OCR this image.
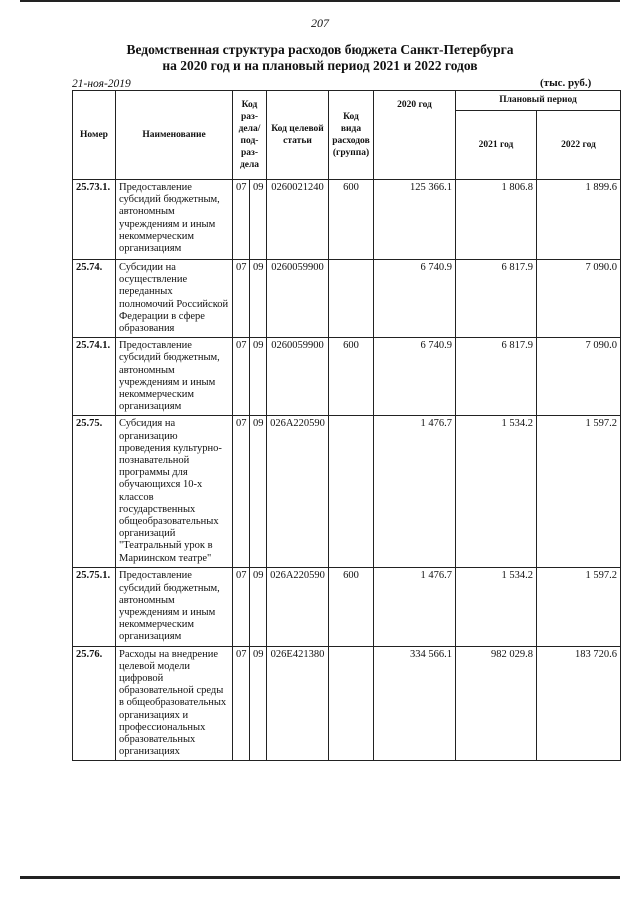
207
Ведомственная структура расходов бюджета Санкт-Петербурга
на 2020 год и на плановый период 2021 и 2022 годов
21-ноя-2019	(тыс. руб.)
Номер	Наименование	Код раз- дела/ под- раз- дела		Код целевой статьи	Код вида расходов (группа)	2020 год	Плановый период	
							2021 год	2022 год

25.73.1.	Предоставление субсидий бюджетным, автономным учреждениям и иным некоммерческим организациям	07	09	0260021240	600	125 366.1	1 806.8	1 899.6
25.74.	Субсидии на осуществление переданных полномочий Российской Федерации в сфере образования	07	09	0260059900		6 740.9	6 817.9	7 090.0
25.74.1.	Предоставление субсидий бюджетным, автономным учреждениям и иным некоммерческим организациям	07	09	0260059900	600	6 740.9	6 817.9	7 090.0
25.75.	Субсидия на организацию проведения культурно-познавательной программы для обучающихся 10-х классов государственных общеобразовательных организаций "Театральный урок в Мариинском театре"	07	09	026A220590		1 476.7	1 534.2	1 597.2
25.75.1.	Предоставление субсидий бюджетным, автономным учреждениям и иным некоммерческим организациям	07	09	026A220590	600	1 476.7	1 534.2	1 597.2
25.76.	Расходы на внедрение целевой модели цифровой образовательной среды в общеобразовательных организациях и профессиональных образовательных организациях	07	09	026E421380		334 566.1	982 029.8	183 720.6
